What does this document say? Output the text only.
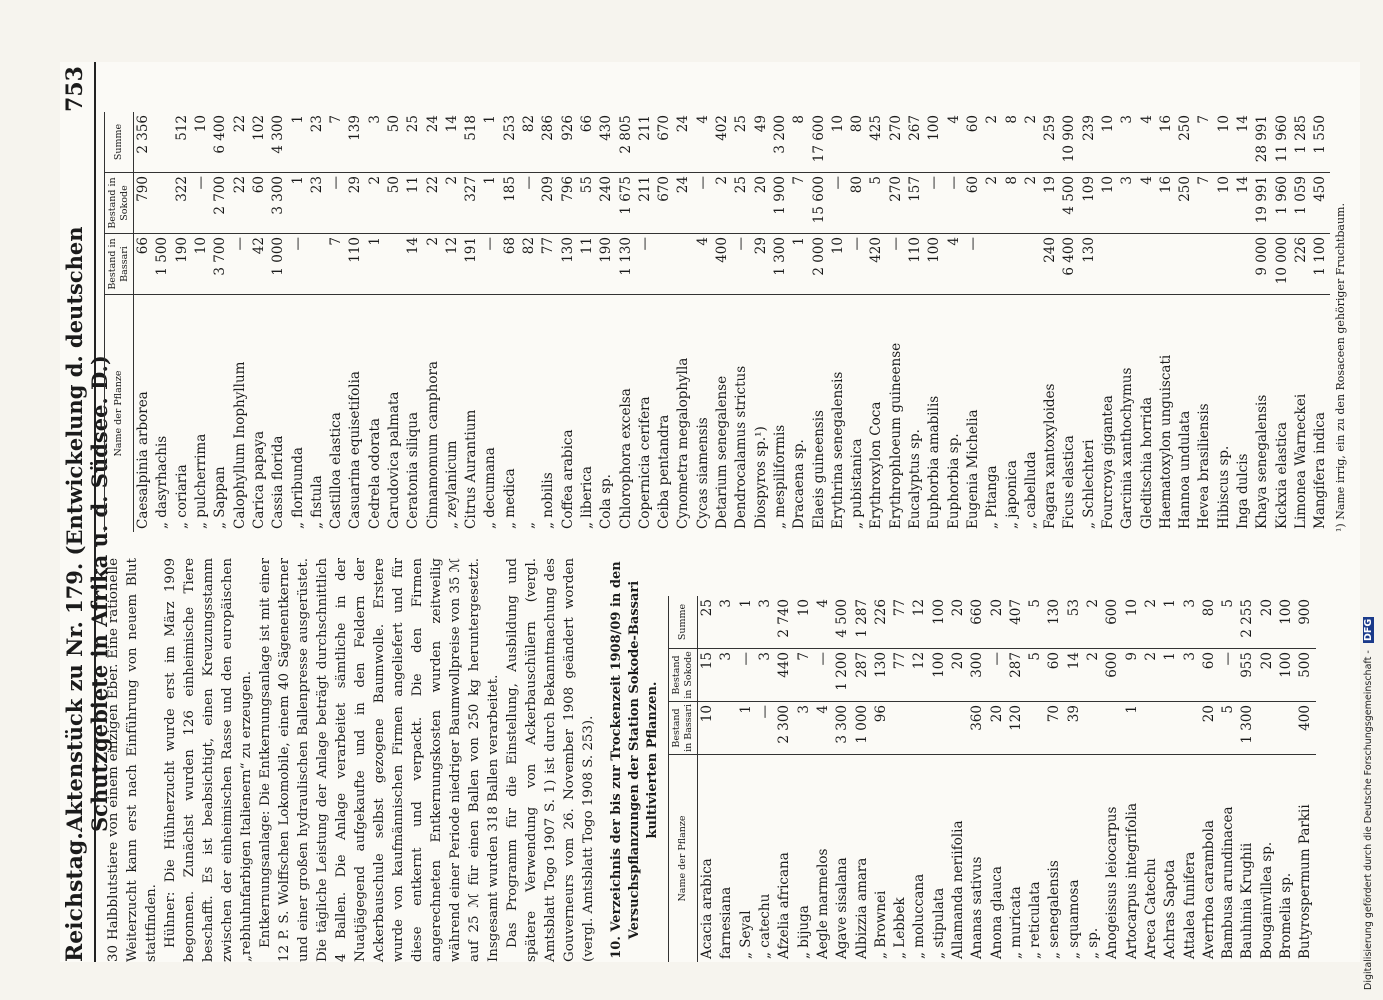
Reichstag.
Aktenstück zu Nr. 179. (Entwickelung d. deutschen Schutzgebiete in Afrika u. d. Südsee. D.)
753

30 Halbblutstiere von einem einzigen Eber. Eine rationelle Weiterzucht kann erst nach Einführung von neuem Blut stattfinden. Hühner: Die Hühnerzucht wurde erst im März 1909 begonnen. Zunächst wurden 126 einheimische Tiere beschafft. Es ist beabsichtigt, einen Kreuzungsstamm zwischen der einheimischen Rasse und den europäischen „rebhuhnfarbigen Italienern“ zu erzeugen. Entkernungsanlage: Die Entkernungsanlage ist mit einer 12 P. S. Wolffschen Lokomobile, einem 40 Sägenentkerner und einer großen hydraulischen Ballenpresse ausgerüstet. Die tägliche Leistung der Anlage beträgt durchschnittlich 4 Ballen. Die Anlage verarbeitet sämtliche in der Nuatjägegend aufgekaufte und in den Feldern der Ackerbauschule selbst gezogene Baumwolle. Erstere wurde von kaufmännischen Firmen angeliefert und für diese entkernt und verpackt. Die den Firmen angerechneten Entkernungskosten wurden zeitweilig während einer Periode niedriger Baumwollpreise von 35 ℳ auf 25 ℳ für einen Ballen von 250 kg heruntergesetzt. Insgesamt wurden 318 Ballen verarbeitet. Das Programm für die Einstellung, Ausbildung und spätere Verwendung von Ackerbauschülern (vergl. Amtsblatt Togo 1907 S. 1) ist durch Bekanntmachung des Gouverneurs vom 26. November 1908 geändert worden (vergl. Amtsblatt Togo 1908 S. 253). 10. Verzeichnis der bis zur Trockenzeit 1908/09 in den Versuchspflanzungen der Station Sokode-Bassari kultivierten Pflanzen.
Name der Pflanze	Bestand in Bassari	Bestand in Sokode	Summe
Acacia arabica	10	15	25
farnesiana		3	3
„ Seyal	1	—	1
„ catechu	—	3	3
Afzelia africana	2 300	440	2 740
„ bijuga	3	7	10
Aegle marmelos	4	—	4
Agave sisalana	3 300	1 200	4 500
Albizzia amara	1 000	287	1 287
„ Brownei	96	130	226
„ Lebbek		77	77
„ moluccana		12	12
„ stipulata		100	100
Allamanda neriifolia		20	20
Ananas sativus	360	300	660
Anona glauca	20	—	20
„ muricata	120	287	407
„ reticulata		5	5
„ senegalensis	70	60	130
„ squamosa	39	14	53
„ sp.		2	2
Anogeissus leiocarpus		600	600
Artocarpus integrifolia	1	9	10
Areca Catechu		2	2
Achras Sapota		1	1
Attalea funifera		3	3
Averrhoa carambola	20	60	80
Bambusa arundinacea	5	—	5
Bauhinia Krughii	1 300	955	2 255
Bougainvillea sp.		20	20
Bromelia sp.		100	100
Butyrospermum Parkii	400	500	900
Name der Pflanze	Bestand in Bassari	Bestand in Sokode	Summe
Caesalpinia arborea	66	790	2 356
„ dasyrhachis	1 500		
„ coriaria	190	322	512
„ pulcherrima	10	—	10
„ Sappan	3 700	2 700	6 400
Calophyllum Inophyllum	—	22	22
Carica papaya	42	60	102
Cassia florida	1 000	3 300	4 300
„ floribunda	—	1	1
„ fistula		23	23
Castilloa elastica	7	—	7
Casuarina equisetifolia	110	29	139
Cedrela odorata	1	2	3
Carudovica palmata		50	50
Ceratonia siliqua	14	11	25
Cinnamomum camphora	2	22	24
„ zeylanicum	12	2	14
Citrus Aurantium	191	327	518
„ decumana	—	1	1
„ medica	68	185	253
„	82	—	82
„ nobilis	77	209	286
Coffea arabica	130	796	926
„ liberica	11	55	66
Cola sp.	190	240	430
Chlorophora excelsa	1 130	1 675	2 805
Copernicia cerifera	—	211	211
Ceiba pentandra		670	670
Cynometra megalophylla		24	24
Cycas siamensis	4	—	4
Detarium senegalense	400	2	402
Dendrocalamus strictus	—	25	25
Diospyros sp.¹)	29	20	49
„ mespiliformis	1 300	1 900	3 200
Dracaena sp.	1	7	8
Elaeis guineensis	2 000	15 600	17 600
Erythrina senegalensis	10	—	10
„ pubistanica	—	80	80
Erythroxylon Coca	420	5	425
Erythrophloeum guineense	—	270	270
Eucalyptus sp.	110	157	267
Euphorbia amabilis	100	—	100
Euphorbia sp.	4	—	4
Eugenia Michelia	—	60	60
„ Pitanga		2	2
„ japonica		8	8
„ cabelluda		2	2
Fagara xantoxyloides	240	19	259
Ficus elastica	6 400	4 500	10 900
„ Schlechteri	130	109	239
Fourcroya gigantea		10	10
Garcinia xanthochymus		3	3
Gleditschia horrida		4	4
Haematoxylon unguiscati		16	16
Hannoa undulata		250	250
Hevea brasiliensis		7	7
Hibiscus sp.		10	10
Inga dulcis		14	14
Khaya senegalensis	9 000	19 991	28 991
Kickxia elastica	10 000	1 960	11 960
Limonea Warneckei	226	1 059	1 285
Mangifera indica	1 100	450	1 550
¹) Name irrig, ein zu den Rosaceen gehöriger Fruchtbaum.
Digitalisierung gefördert durch die Deutsche Forschungsgemeinschaft - DFG
